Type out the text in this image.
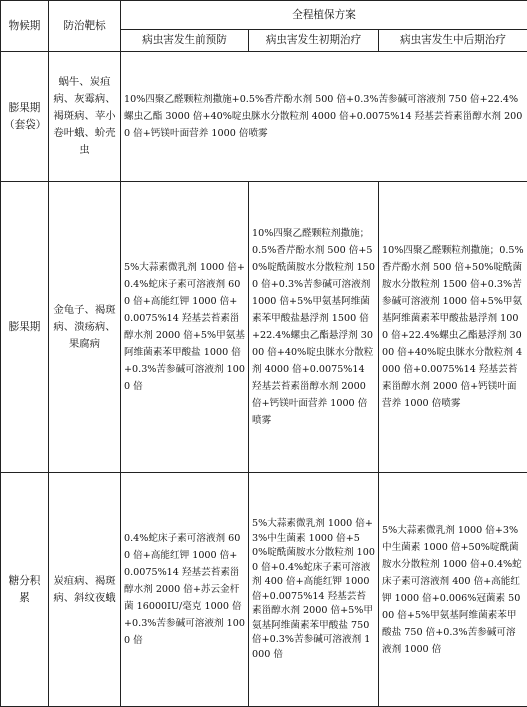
物候期	防治靶标	全程植保方案		
		病虫害发生前预防	病虫害发生初期治疗	病虫害发生中后期治疗
膨果期（套袋）	蜗牛、炭疽病、灰霉病、褐斑病、苹小卷叶蛾、蚧壳虫	10%四聚乙醛颗粒剂撒施+0.5%香芹酚水剂 500 倍+0.3%苦参碱可溶液剂 750 倍+22.4%螺虫乙酯 3000 倍+40%啶虫脒水分散粒剂 4000 倍+0.0075%14 羟基芸苔素甾醇水剂 2000 倍+钙镁叶面营养 1000 倍喷雾		
膨果期	金龟子、褐斑病、溃疡病、果腐病	5%大蒜素微乳剂 1000 倍+0.4%蛇床子素可溶液剂 600 倍+高能红钾 1000 倍+0.0075%14 羟基芸苔素甾醇水剂 2000 倍+5%甲氨基阿维菌素苯甲酸盐 1000 倍+0.3%苦参碱可溶液剂 1000 倍	10%四聚乙醛颗粒剂撒施；0.5%香芹酚水剂 500 倍+50%啶酰菌胺水分散粒剂 1500 倍+0.3%苦参碱可溶液剂 1000 倍+5%甲氨基阿维菌素苯甲酸盐悬浮剂 1500 倍+22.4%螺虫乙酯悬浮剂 3000 倍+40%啶虫脒水分散粒剂 4000 倍+0.0075%14 羟基芸苔素甾醇水剂 2000 倍+钙镁叶面营养 1000 倍喷雾	10%四聚乙醛颗粒剂撒施；0.5%香芹酚水剂 500 倍+50%啶酰菌胺水分散粒剂 1500 倍+0.3%苦参碱可溶液剂 1000 倍+5%甲氨基阿维菌素苯甲酸盐悬浮剂 1000 倍+22.4%螺虫乙酯悬浮剂 3000 倍+40%啶虫脒水分散粒剂 4000 倍+0.0075%14 羟基芸苔素甾醇水剂 2000 倍+钙镁叶面营养 1000 倍喷雾
糖分积累	炭疽病、褐斑病、斜纹夜蛾	0.4%蛇床子素可溶液剂 600 倍+高能红钾 1000 倍+0.0075%14 羟基芸苔素甾醇水剂 2000 倍+苏云金杆菌 16000IU/毫克 1000 倍+0.3%苦参碱可溶液剂 1000 倍	5%大蒜素微乳剂 1000 倍+3%中生菌素 1000 倍+50%啶酰菌胺水分散粒剂 1000 倍+0.4%蛇床子素可溶液剂 400 倍+高能红钾 1000 倍+0.0075%14 羟基芸苔素甾醇水剂 2000 倍+5%甲氨基阿维菌素苯甲酸盐 750 倍+0.3%苦参碱可溶液剂 1000 倍	5%大蒜素微乳剂 1000 倍+3%中生菌素 1000 倍+50%啶酰菌胺水分散粒剂 1000 倍+0.4%蛇床子素可溶液剂 400 倍+高能红钾 1000 倍+0.006%冠菌素 5000 倍+5%甲氨基阿维菌素苯甲酸盐 750 倍+0.3%苦参碱可溶液剂 1000 倍
